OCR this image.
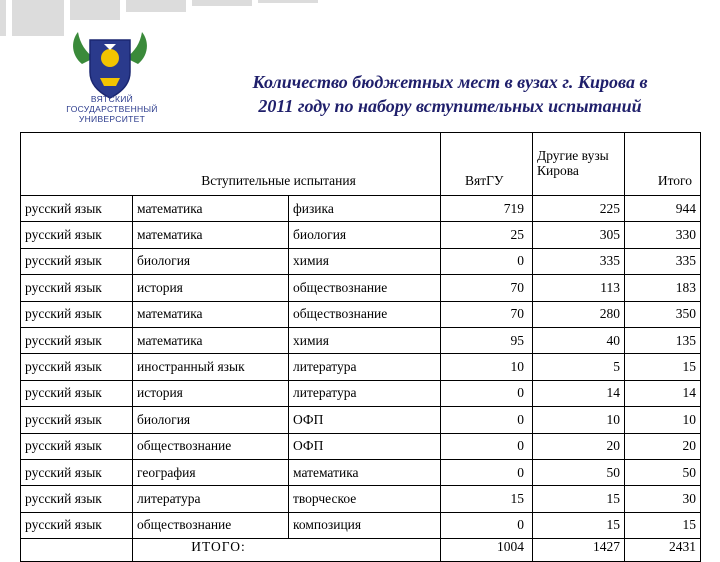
ВЯТСКИЙ
ГОСУДАРСТВЕННЫЙ
УНИВЕРСИТЕТ
Количество бюджетных мест в вузах г. Кирова в
2011 году по набору вступительных испытаний
Вступительные испытания			ВятГУ	Другие вузы
Кирова	Итого
русский язык	математика	физика	719	225	944
русский язык	математика	биология	25	305	330
русский язык	биология	химия	0	335	335
русский язык	история	обществознание	70	113	183
русский язык	математика	обществознание	70	280	350
русский язык	математика	химия	95	40	135
русский язык	иностранный язык	литература	10	5	15
русский язык	история	литература	0	14	14
русский язык	биология	ОФП	0	10	10
русский язык	обществознание	ОФП	0	20	20
русский язык	география	математика	0	50	50
русский язык	литература	творческое	15	15	30
русский язык	обществознание	композиция	0	15	15
	ИТОГО:		1004	1427	2431
